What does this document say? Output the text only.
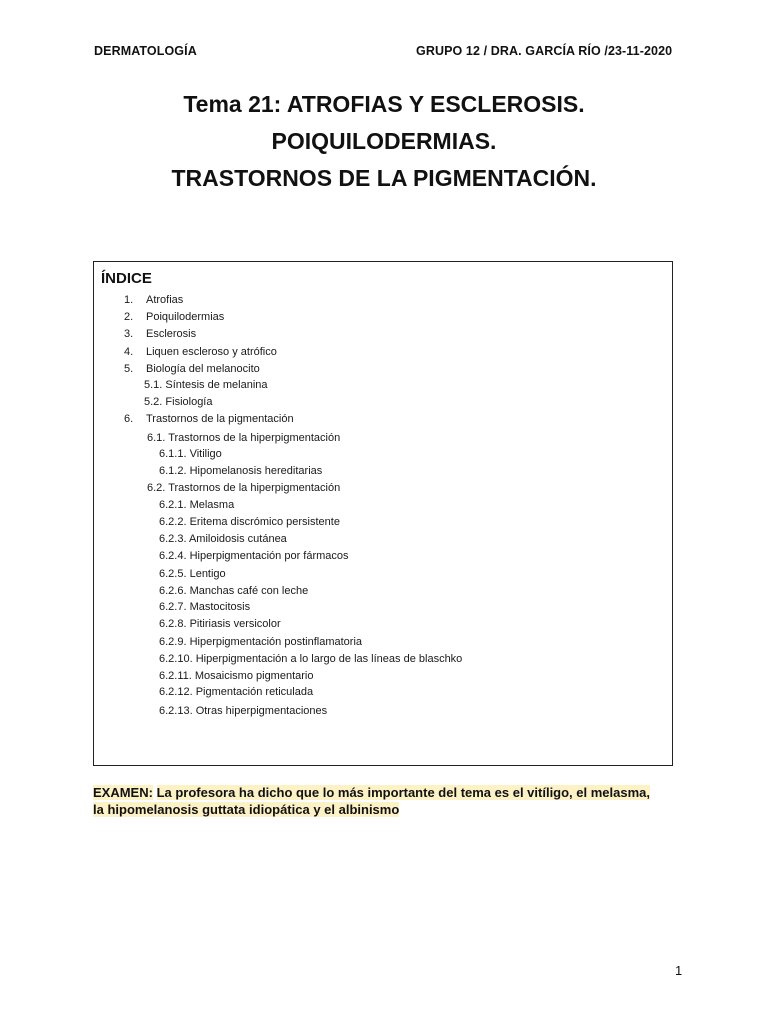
DERMATOLOGÍA	GRUPO 12 / DRA. GARCÍA RÍO /23-11-2020
Tema 21: ATROFIAS Y ESCLEROSIS.
POIQUILODERMIAS.
TRASTORNOS DE LA PIGMENTACIÓN.
ÍNDICE
1. Atrofias
2. Poiquilodermias
3. Esclerosis
4. Liquen escleroso y atrófico
5. Biología del melanocito
5.1. Síntesis de melanina
5.2. Fisiología
6. Trastornos de la pigmentación
6.1. Trastornos de la hiperpigmentación
6.1.1. Vitiligo
6.1.2. Hipomelanosis hereditarias
6.2. Trastornos de la hiperpigmentación
6.2.1. Melasma
6.2.2. Eritema discrómico persistente
6.2.3. Amiloidosis cutánea
6.2.4. Hiperpigmentación por fármacos
6.2.5. Lentigo
6.2.6. Manchas café con leche
6.2.7. Mastocitosis
6.2.8. Pitiriasis versicolor
6.2.9. Hiperpigmentación postinflamatoria
6.2.10. Hiperpigmentación a lo largo de las líneas de blaschko
6.2.11. Mosaicismo pigmentario
6.2.12. Pigmentación reticulada
6.2.13. Otras hiperpigmentaciones
EXAMEN: La profesora ha dicho que lo más importante del tema es el vitíligo, el melasma, la hipomelanosis guttata idiopática y el albinismo
1
